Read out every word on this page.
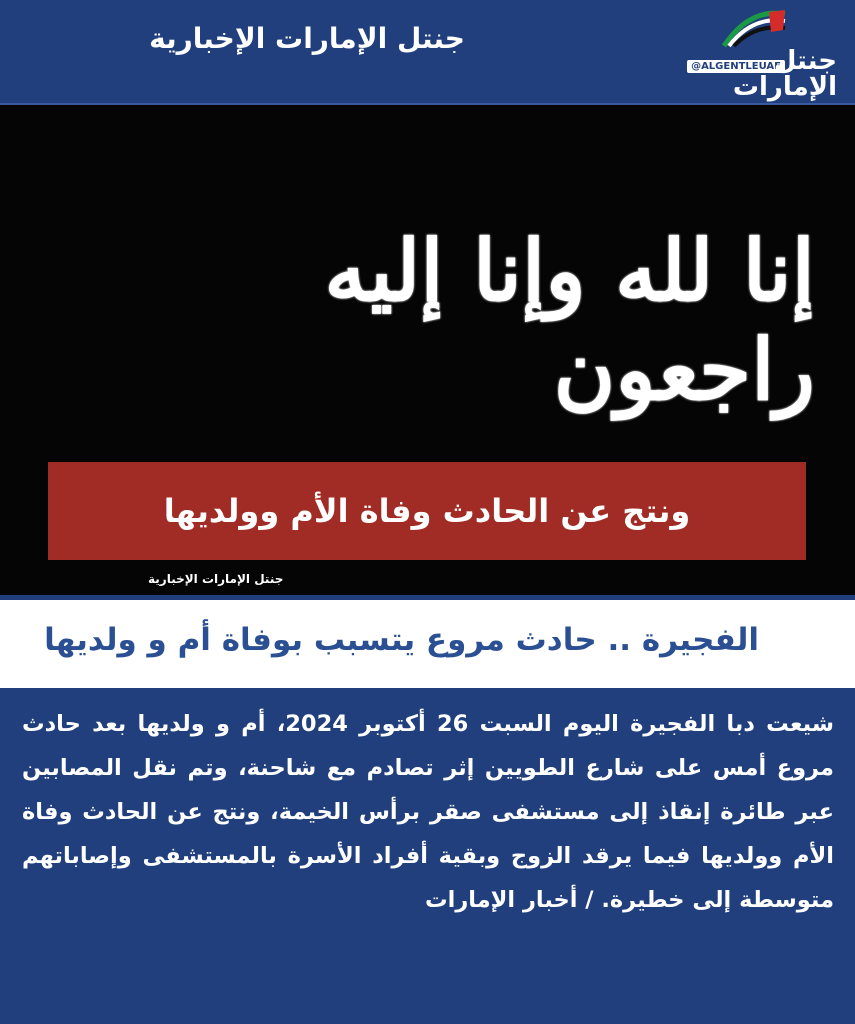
جنتل الإمارات الإخبارية
@ALGENTLEUAE
جنتل الإمارات
إنا لله وإنا إليه راجعون
ونتج عن الحادث وفاة الأم وولديها
جنتل الإمارات الإخبارية
الفجيرة .. حادث مروع يتسبب بوفاة أم و ولديها
شيعت دبا الفجيرة اليوم السبت 26 أكتوبر 2024، أم و ولديها بعد حادث مروع أمس على شارع الطويين إثر تصادم مع شاحنة، وتم نقل المصابين عبر طائرة إنقاذ إلى مستشفى صقر برأس الخيمة، ونتج عن الحادث وفاة الأم وولديها فيما يرقد الزوج وبقية أفراد الأسرة بالمستشفى وإصاباتهم متوسطة إلى خطيرة. / أخبار الإمارات
